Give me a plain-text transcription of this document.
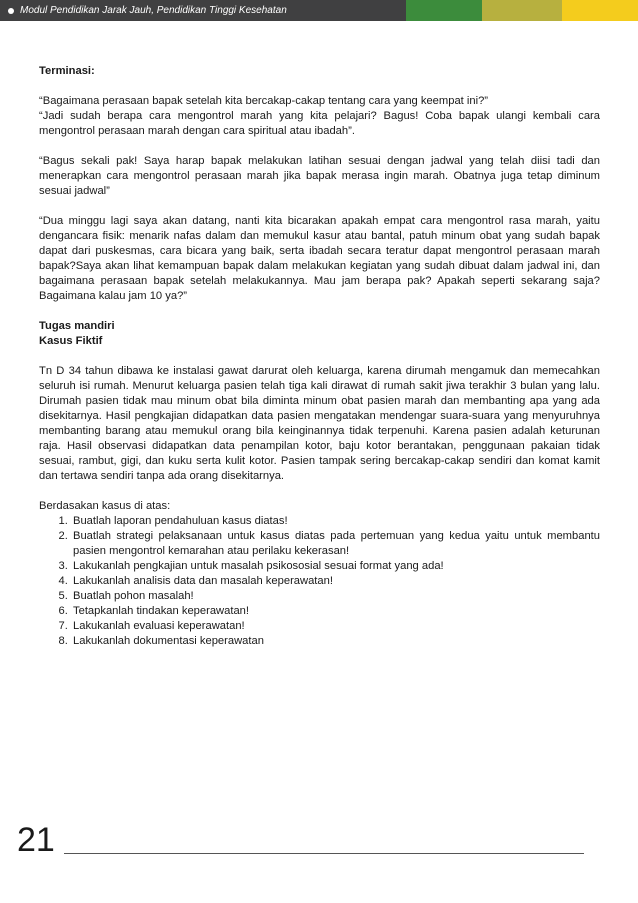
Modul Pendidikan Jarak Jauh, Pendidikan Tinggi Kesehatan

Terminasi:

“Bagaimana perasaan bapak setelah kita bercakap-cakap tentang cara yang keempat ini?”

“Jadi sudah berapa cara mengontrol marah yang kita pelajari? Bagus! Coba bapak ulangi kembali cara mengontrol perasaan marah dengan cara spiritual atau ibadah”.

“Bagus sekali pak! Saya harap bapak melakukan latihan sesuai dengan jadwal yang telah diisi tadi dan menerapkan cara mengontrol perasaan marah jika bapak merasa ingin marah. Obatnya juga tetap diminum sesuai jadwal”

“Dua minggu lagi saya akan datang, nanti kita bicarakan apakah empat cara mengontrol rasa marah, yaitu dengancara fisik: menarik nafas dalam dan memukul kasur atau bantal, patuh minum obat yang sudah bapak dapat dari puskesmas, cara bicara yang baik, serta ibadah secara teratur dapat mengontrol perasaan marah bapak?Saya akan lihat kemampuan bapak dalam melakukan kegiatan yang sudah dibuat dalam jadwal ini, dan bagaimana perasaan bapak setelah melakukannya. Mau jam berapa pak? Apakah seperti sekarang saja? Bagaimana kalau jam 10 ya?”

Tugas mandiri

Kasus Fiktif

Tn D 34 tahun dibawa ke instalasi gawat darurat oleh keluarga, karena dirumah mengamuk dan memecahkan seluruh isi rumah. Menurut keluarga pasien telah tiga kali dirawat di rumah sakit jiwa terakhir 3 bulan yang lalu. Dirumah pasien tidak mau minum obat bila diminta minum obat pasien marah dan membanting apa yang ada disekitarnya. Hasil pengkajian didapatkan data pasien mengatakan mendengar suara-suara yang menyuruhnya membanting barang atau memukul orang bila keinginannya tidak terpenuhi. Karena pasien adalah keturunan raja. Hasil observasi didapatkan data penampilan kotor, baju kotor berantakan, penggunaan pakaian tidak sesuai, rambut, gigi, dan kuku serta kulit kotor. Pasien tampak sering bercakap-cakap sendiri dan komat kamit dan tertawa sendiri tanpa ada orang disekitarnya.

Berdasakan kasus di atas:

1. Buatlah laporan pendahuluan kasus diatas!
2. Buatlah strategi pelaksanaan untuk kasus diatas pada pertemuan yang kedua yaitu untuk membantu pasien mengontrol kemarahan atau perilaku kekerasan!
3. Lakukanlah pengkajian untuk masalah psikososial sesuai format yang ada!
4. Lakukanlah analisis data dan masalah keperawatan!
5. Buatlah pohon masalah!
6. Tetapkanlah tindakan keperawatan!
7. Lakukanlah evaluasi keperawatan!
8. Lakukanlah dokumentasi keperawatan
21
